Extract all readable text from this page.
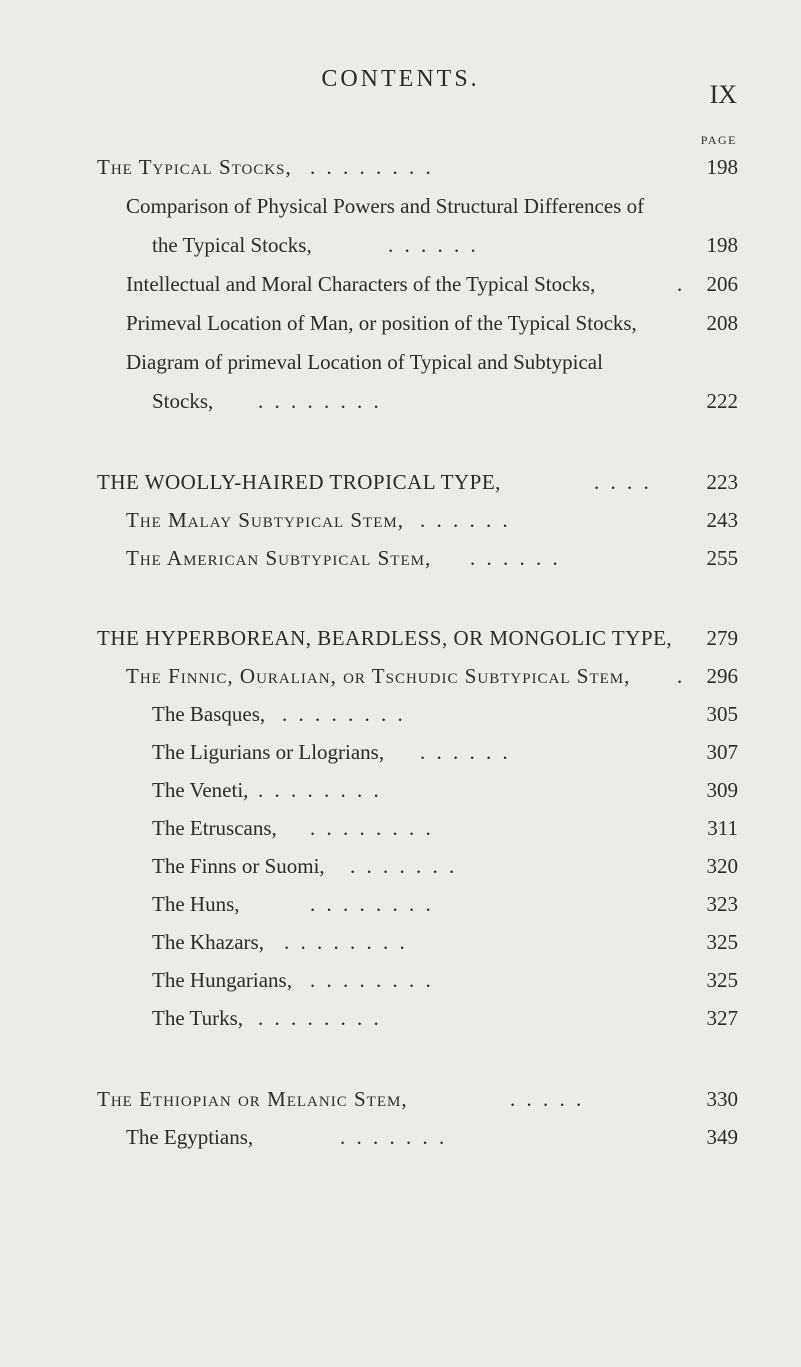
CONTENTS.
IX
PAGE
The Typical Stocks, . . . . . . . .	198
Comparison of Physical Powers and Structural Differences of
the Typical Stocks,	. . . . . .	198
Intellectual and Moral Characters of the Typical Stocks,	.	206
Primeval Location of Man, or position of the Typical Stocks,	208
Diagram of primeval Location of Typical and Subtypical
Stocks, . . . . . . . .	222
THE WOOLLY-HAIRED TROPICAL TYPE,	. . . .	223
The Malay Subtypical Stem, . . . . . .	243
The American Subtypical Stem, . . . . . .	255
THE HYPERBOREAN, BEARDLESS, OR MONGOLIC TYPE,	279
The Finnic, Ouralian, or Tschudic Subtypical Stem, .	296
The Basques, . . . . . . . .	305
The Ligurians or Llogrians, . . . . . .	307
The Veneti, . . . . . . . .	309
The Etruscans, . . . . . . . .	311
The Finns or Suomi, . . . . . . .	320
The Huns,	. . . . . . . .	323
The Khazars, . . . . . . . .	325
The Hungarians, . . . . . . . .	325
The Turks, . . . . . . . .	327
The Ethiopian or Melanic Stem,	. . . . .	330
The Egyptians,	. . . . . . .	349
